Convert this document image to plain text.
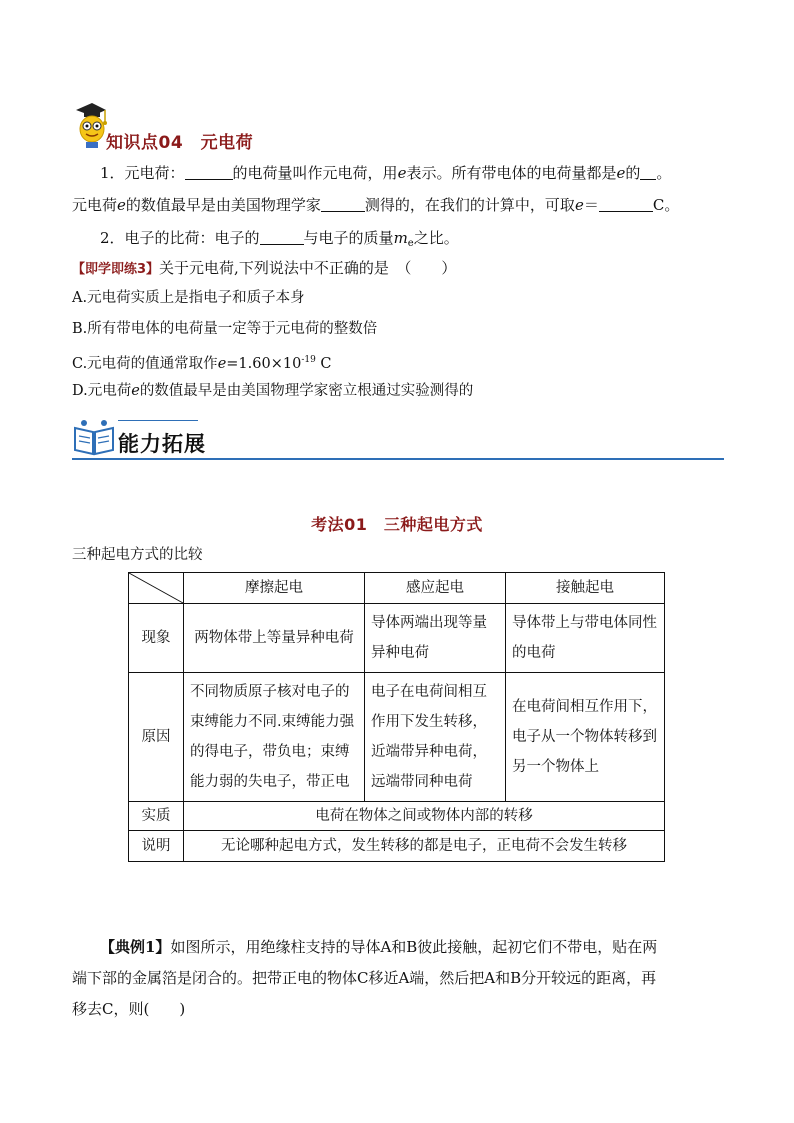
知识点04　元电荷
1．元电荷：	的电荷量叫作元电荷，用e表示。所有带电体的电荷量都是e的 。
元电荷e的数值最早是由美国物理学家	测得的，在我们的计算中，可取e＝	C。
2．电子的比荷：电子的	与电子的质量$m_e$之比。
【即学即练3】关于元电荷,下列说法中不正确的是　（　　）
A.元电荷实质上是指电子和质子本身
B.所有带电体的电荷量一定等于元电荷的整数倍
C.元电荷的值通常取作$e=1.60\times 10^{-19}$ C
D.元电荷e的数值最早是由美国物理学家密立根通过实验测得的
能力拓展
考法01　三种起电方式
三种起电方式的比较
	摩擦起电	感应起电	接触起电
现象	两物体带上等量异种电荷	导体两端出现等量异种电荷	导体带上与带电体同性的电荷
原因	不同物质原子核对电子的束缚能力不同.束缚能力强的得电子，带负电；束缚能力弱的失电子，带正电	电子在电荷间相互作用下发生转移，近端带异种电荷，远端带同种电荷	在电荷间相互作用下，电子从一个物体转移到另一个物体上
实质	电荷在物体之间或物体内部的转移		
说明	无论哪种起电方式，发生转移的都是电子，正电荷不会发生转移		
【典例1】如图所示，用绝缘柱支持的导体A和B彼此接触，起初它们不带电，贴在两
端下部的金属箔是闭合的。把带正电的物体C移近A端，然后把A和B分开较远的距离，再
移去C，则(　　)
